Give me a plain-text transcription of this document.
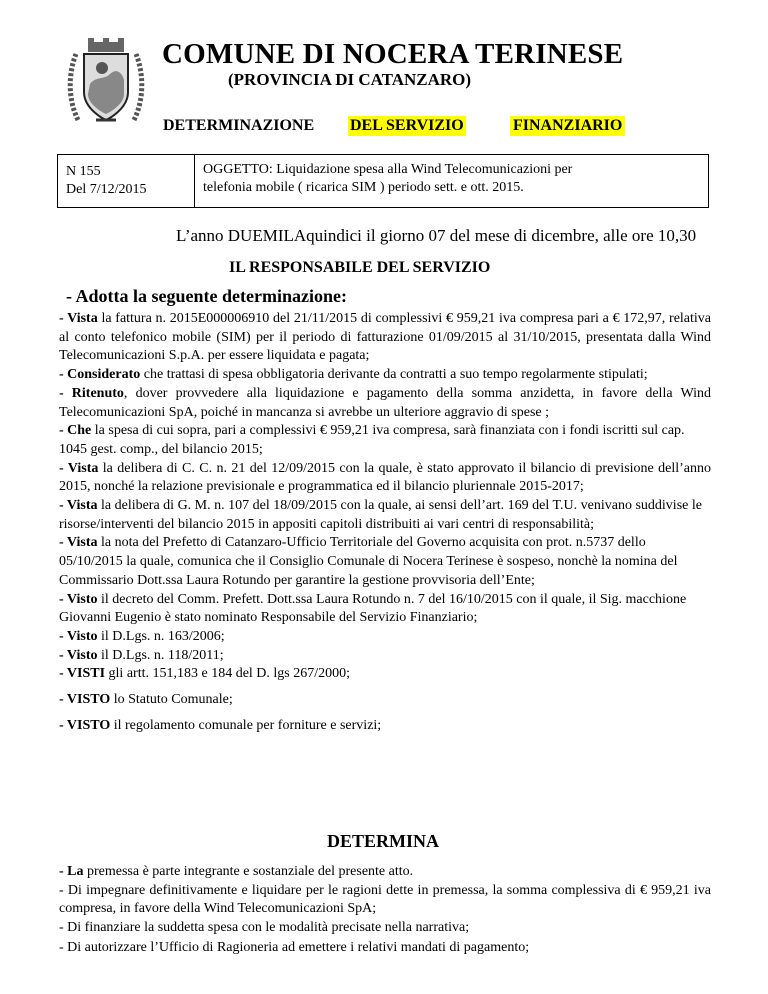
COMUNE DI NOCERA TERINESE
(PROVINCIA DI CATANZARO)
DETERMINAZIONE DEL SERVIZIO	FINANZIARIO
N 155
Del 7/12/2015
OGGETTO: Liquidazione spesa alla Wind Telecomunicazioni per
telefonia mobile ( ricarica SIM ) periodo sett. e ott. 2015.
L’anno DUEMILAquindici il giorno 07 del mese di dicembre, alle ore 10,30
IL RESPONSABILE DEL SERVIZIO
- Adotta la seguente determinazione:

- Vista la fattura n. 2015E000006910 del 21/11/2015 di complessivi € 959,21 iva compresa pari a € 172,97, relativa al conto telefonico mobile (SIM) per il periodo di fatturazione 01/09/2015 al 31/10/2015, presentata dalla Wind Telecomunicazioni S.p.A. per essere liquidata e pagata;

- Considerato che trattasi di spesa obbligatoria derivante da contratti a suo tempo regolarmente stipulati;

- Ritenuto, dover provvedere alla liquidazione e pagamento della somma anzidetta, in favore della Wind Telecomunicazioni SpA, poiché in mancanza si avrebbe un ulteriore aggravio di spese ;

- Che la spesa di cui sopra, pari a complessivi € 959,21 iva compresa, sarà finanziata con i fondi iscritti sul cap. 1045 gest. comp., del bilancio 2015;

- Vista la delibera di C. C. n. 21 del 12/09/2015 con la quale, è stato approvato il bilancio di previsione dell’anno 2015, nonché la relazione previsionale e programmatica ed il bilancio pluriennale 2015-2017;

- Vista la delibera di G. M. n. 107 del 18/09/2015 con la quale, ai sensi dell’art. 169 del T.U. venivano suddivise le risorse/interventi del bilancio 2015 in appositi capitoli distribuiti ai vari centri di responsabilità;

- Vista la nota del Prefetto di Catanzaro-Ufficio Territoriale del Governo acquisita con prot. n.5737 dello 05/10/2015 la quale, comunica che il Consiglio Comunale di Nocera Terinese è sospeso, nonchè la nomina del Commissario Dott.ssa Laura Rotundo per garantire la gestione provvisoria dell’Ente;

- Visto il decreto del Comm. Prefett. Dott.ssa Laura Rotundo n. 7 del 16/10/2015 con il quale, il Sig. macchione Giovanni Eugenio è stato nominato Responsabile del Servizio Finanziario;

- Visto il D.Lgs. n. 163/2006;

- Visto il D.Lgs. n. 118/2011;

- VISTI gli artt. 151,183 e 184 del D. lgs 267/2000;

- VISTO lo Statuto Comunale;

- VISTO il regolamento comunale per forniture e servizi;

DETERMINA

- La premessa è parte integrante e sostanziale del presente atto.

- Di impegnare definitivamente e liquidare per le ragioni dette in premessa, la somma complessiva di € 959,21 iva compresa, in favore della Wind Telecomunicazioni SpA;

- Di finanziare la suddetta spesa con le modalità precisate nella narrativa;

- Di autorizzare l’Ufficio di Ragioneria ad emettere i relativi mandati di pagamento;
